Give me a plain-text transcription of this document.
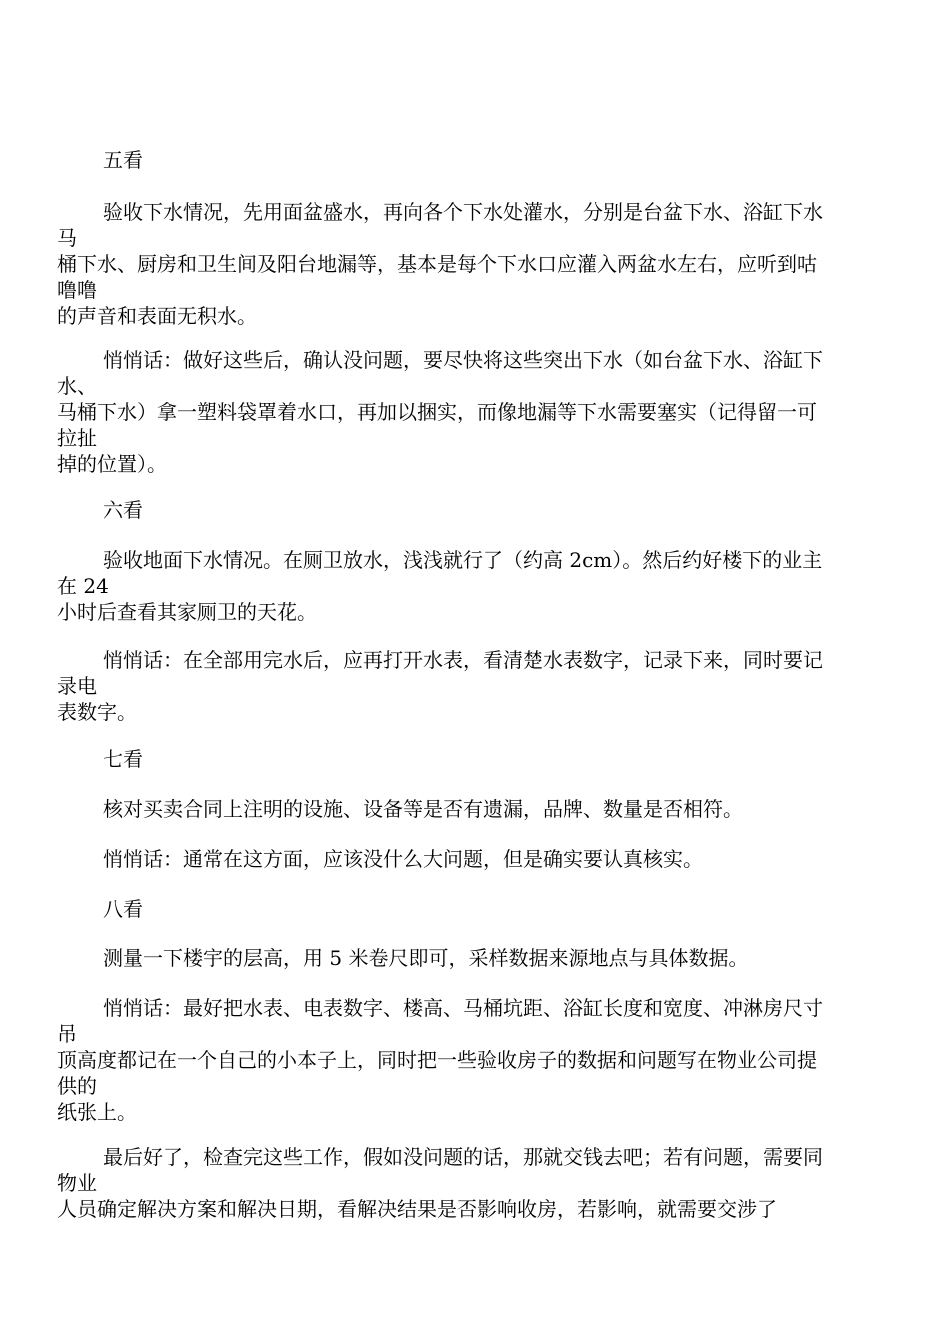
五看
验收下水情况，先用面盆盛水，再向各个下水处灌水，分别是台盆下水、浴缸下水
马
桶下水、厨房和卫生间及阳台地漏等，基本是每个下水口应灌入两盆水左右，应听到咕
噜噜
的声音和表面无积水。
悄悄话：做好这些后，确认没问题，要尽快将这些突出下水（如台盆下水、浴缸下
水、
马桶下水）拿一塑料袋罩着水口，再加以捆实，而像地漏等下水需要塞实（记得留一可
拉扯
掉的位置）。
六看
验收地面下水情况。在厕卫放水，浅浅就行了（约高 2cm）。然后约好楼下的业主
在 24
小时后查看其家厕卫的天花。
悄悄话：在全部用完水后，应再打开水表，看清楚水表数字，记录下来，同时要记
录电
表数字。
七看
核对买卖合同上注明的设施、设备等是否有遗漏，品牌、数量是否相符。
悄悄话：通常在这方面，应该没什么大问题，但是确实要认真核实。
八看
测量一下楼宇的层高，用 5 米卷尺即可，采样数据来源地点与具体数据。
悄悄话：最好把水表、电表数字、楼高、马桶坑距、浴缸长度和宽度、冲淋房尺寸
吊
顶高度都记在一个自己的小本子上，同时把一些验收房子的数据和问题写在物业公司提
供的
纸张上。
最后好了，检查完这些工作，假如没问题的话，那就交钱去吧；若有问题，需要同
物业
人员确定解决方案和解决日期，看解决结果是否影响收房，若影响，就需要交涉了
